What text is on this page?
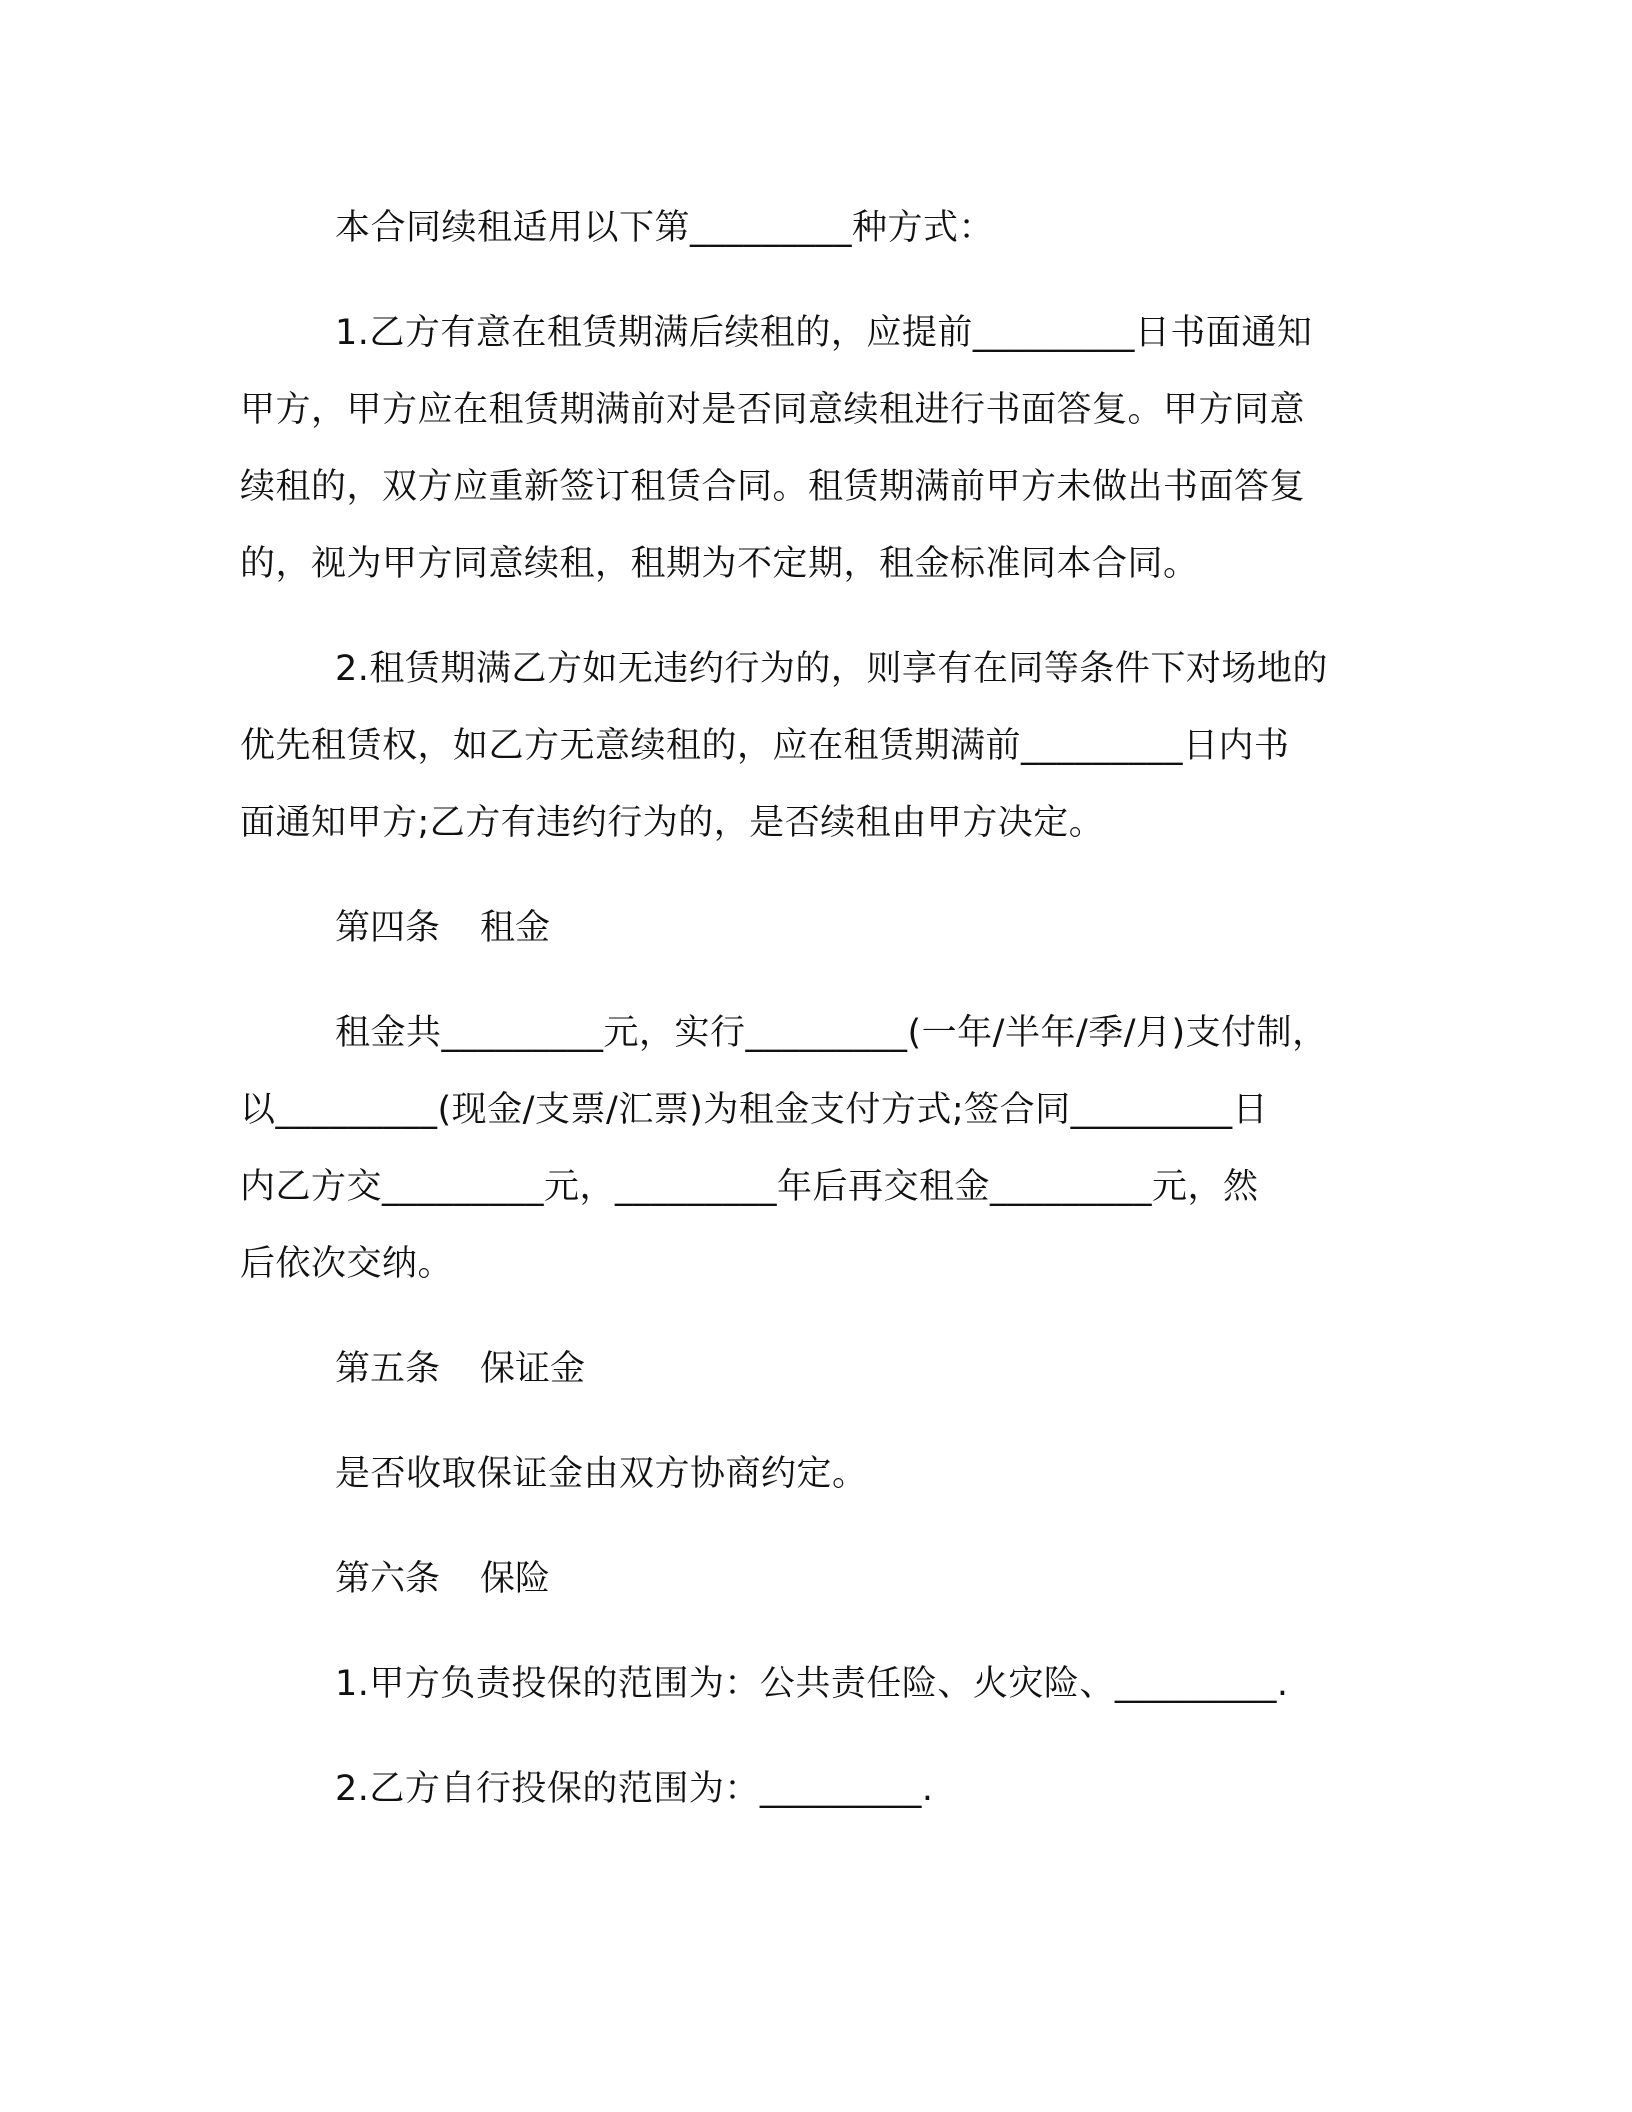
本合同续租适用以下第_________种方式：

1.乙方有意在租赁期满后续租的，应提前_________日书面通知
甲方，甲方应在租赁期满前对是否同意续租进行书面答复。甲方同意
续租的，双方应重新签订租赁合同。租赁期满前甲方未做出书面答复
的，视为甲方同意续租，租期为不定期，租金标准同本合同。

2.租赁期满乙方如无违约行为的，则享有在同等条件下对场地的
优先租赁权，如乙方无意续租的，应在租赁期满前_________日内书
面通知甲方;乙方有违约行为的，是否续租由甲方决定。

第四条 租金

租金共_________元，实行_________(一年/半年/季/月)支付制，
以_________(现金/支票/汇票)为租金支付方式;签合同_________日
内乙方交_________元，_________年后再交租金_________元，然
后依次交纳。

第五条 保证金

是否收取保证金由双方协商约定。

第六条 保险

1.甲方负责投保的范围为：公共责任险、火灾险、_________.

2.乙方自行投保的范围为：_________.
